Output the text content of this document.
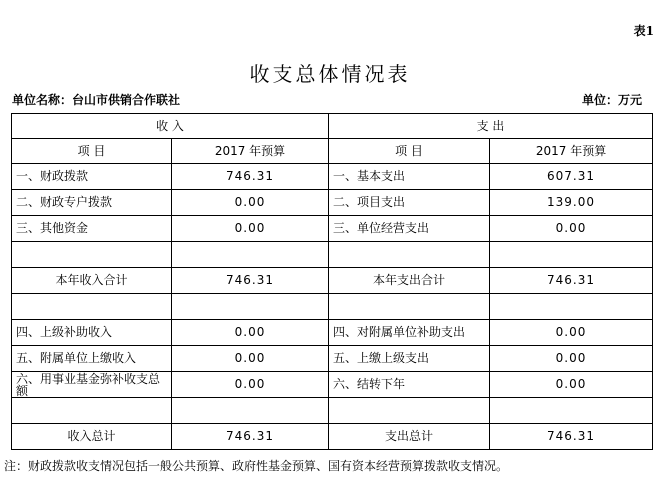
表1
收支总体情况表
单位名称：台山市供销合作联社	单位：万元
收 入		支 出	
项 目	2017 年预算	项 目	2017 年预算
一、财政拨款	746.31	一、基本支出	607.31
二、财政专户拨款	0.00	二、项目支出	139.00
三、其他资金	0.00	三、单位经营支出	0.00

本年收入合计	746.31	本年支出合计	746.31

四、上级补助收入	0.00	四、对附属单位补助支出	0.00
五、附属单位上缴收入	0.00	五、上缴上级支出	0.00
六、用事业基金弥补收支总额	0.00	六、结转下年	0.00

收入总计	746.31	支出总计	746.31
注：财政拨款收支情况包括一般公共预算、政府性基金预算、国有资本经营预算拨款收支情况。
